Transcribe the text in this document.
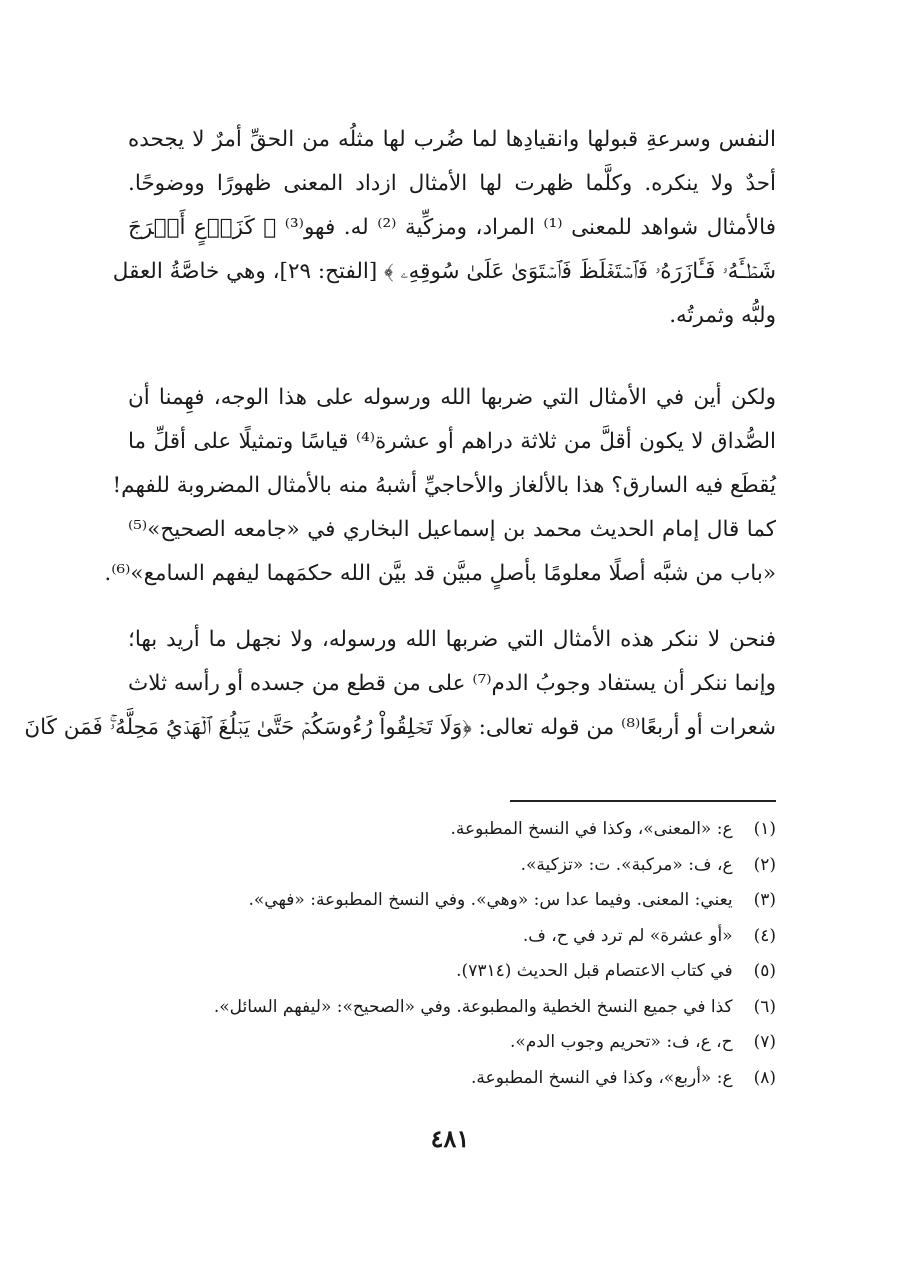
النفس وسرعةِ قبولها وانقيادِها لما ضُرب لها مثلُه من الحقِّ أمرٌ لا يجحده
أحدٌ ولا ينكره. وكلَّما ظهرت لها الأمثال ازداد المعنى ظهورًا ووضوحًا.
فالأمثال شواهد للمعنى ⁽¹⁾ المراد، ومزكِّية ⁽²⁾ له. فهو⁽³⁾ ﴿ كَزَرۡعٍ أَخۡرَجَ
شَطۡـَٔهُۥ فَـَٔازَرَهُۥ فَٱسۡتَغۡلَظَ فَٱسۡتَوَىٰ عَلَىٰ سُوقِهِۦ ﴾ [الفتح: ٢٩]، وهي خاصَّةُ العقل
ولبُّه وثمرتُه.

ولكن أين في الأمثال التي ضربها الله ورسوله على هذا الوجه، فهِمنا أن
الصُّداق لا يكون أقلَّ من ثلاثة دراهم أو عشرة⁽⁴⁾ قياسًا وتمثيلًا على أقلِّ ما
يُقطَع فيه السارق؟ هذا بالألغاز والأحاجيِّ أشبهُ منه بالأمثال المضروبة للفهم!
كما قال إمام الحديث محمد بن إسماعيل البخاري في «جامعه الصحيح»⁽⁵⁾
«باب من شبَّه أصلًا معلومًا بأصلٍ مبيَّن قد بيَّن الله حكمَهما ليفهم السامع»⁽⁶⁾.

فنحن لا ننكر هذه الأمثال التي ضربها الله ورسوله، ولا نجهل ما أريد بها؛
وإنما ننكر أن يستفاد وجوبُ الدم⁽⁷⁾ على من قطع من جسده أو رأسه ثلاث
شعرات أو أربعًا⁽⁸⁾ من قوله تعالى: ﴿وَلَا تَحۡلِقُواْ رُءُوسَكُمۡ حَتَّىٰ يَبۡلُغَ ٱلۡهَدۡيُ مَحِلَّهُۥۚ فَمَن كَانَ

(١) ع: «المعنى»، وكذا في النسخ المطبوعة.
(٢) ع، ف: «مركبة». ت: «تزكية».
(٣) يعني: المعنى. وفيما عدا س: «وهي». وفي النسخ المطبوعة: «فهي».
(٤) «أو عشرة» لم ترد في ح، ف.
(٥) في كتاب الاعتصام قبل الحديث (٧٣١٤).
(٦) كذا في جميع النسخ الخطية والمطبوعة. وفي «الصحيح»: «ليفهم السائل».
(٧) ح، ع، ف: «تحريم وجوب الدم».
(٨) ع: «أربع»، وكذا في النسخ المطبوعة.
٤٨١
